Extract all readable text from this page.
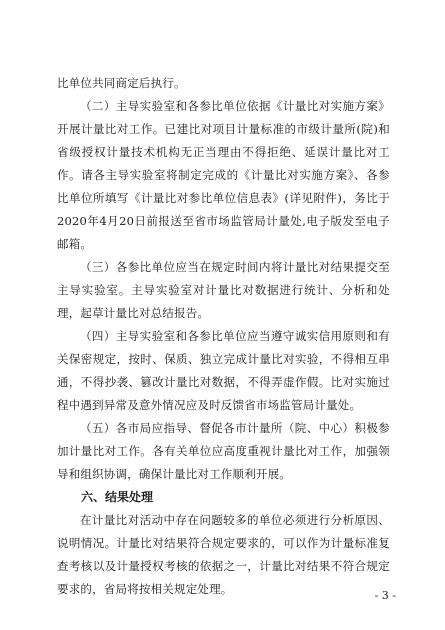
比单位共同商定后执行。

（二）主导实验室和各参比单位依据《计量比对实施方案》开展计量比对工作。已建比对项目计量标准的市级计量所(院)和省级授权计量技术机构无正当理由不得拒绝、延误计量比对工作。请各主导实验室将制定完成的《计量比对实施方案》、各参比单位所填写《计量比对参比单位信息表》(详见附件)，务比于2020年4月20日前报送至省市场监管局计量处,电子版发至电子邮箱。

（三）各参比单位应当在规定时间内将计量比对结果提交至主导实验室。主导实验室对计量比对数据进行统计、分析和处理，起草计量比对总结报告。

（四）主导实验室和各参比单位应当遵守诚实信用原则和有关保密规定，按时、保质、独立完成计量比对实验，不得相互串通，不得抄袭、篡改计量比对数据，不得弄虚作假。比对实施过程中遇到异常及意外情况应及时反馈省市场监管局计量处。

（五）各市局应指导、督促各市计量所（院、中心）积极参加计量比对工作。各有关单位应高度重视计量比对工作，加强领导和组织协调，确保计量比对工作顺利开展。

六、结果处理

在计量比对活动中存在问题较多的单位必须进行分析原因、说明情况。计量比对结果符合规定要求的，可以作为计量标准复查考核以及计量授权考核的依据之一，计量比对结果不符合规定要求的，省局将按相关规定处理。	- 3 -
